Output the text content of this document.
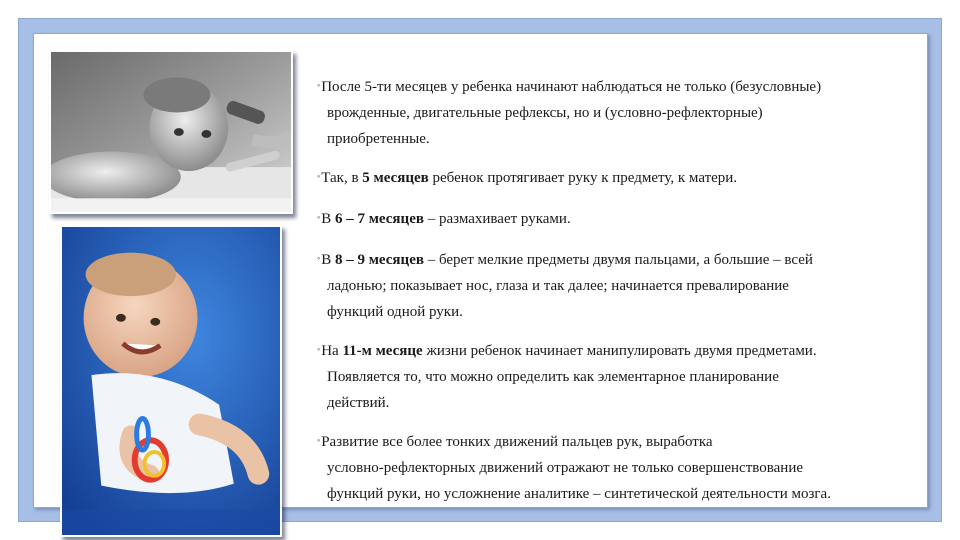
◦После 5-ти месяцев у ребенка начинают наблюдаться не только (безусловные)
врожденные, двигательные рефлексы, но и (условно-рефлекторные)
приобретенные.

◦Так, в 5 месяцев ребенок протягивает руку к предмету, к матери.

◦В 6 – 7 месяцев – размахивает руками.

◦В 8 – 9 месяцев – берет мелкие предметы двумя пальцами, а большие – всей
ладонью; показывает нос, глаза и так далее; начинается превалирование
функций одной руки.

◦На 11-м месяце жизни ребенок начинает манипулировать двумя предметами.
Появляется то, что можно определить как элементарное планирование
действий.

◦Развитие все более тонких движений пальцев рук, выработка
условно-рефлекторных движений отражают не только совершенствование
функций руки, но усложнение аналитике – синтетической деятельности мозга.
